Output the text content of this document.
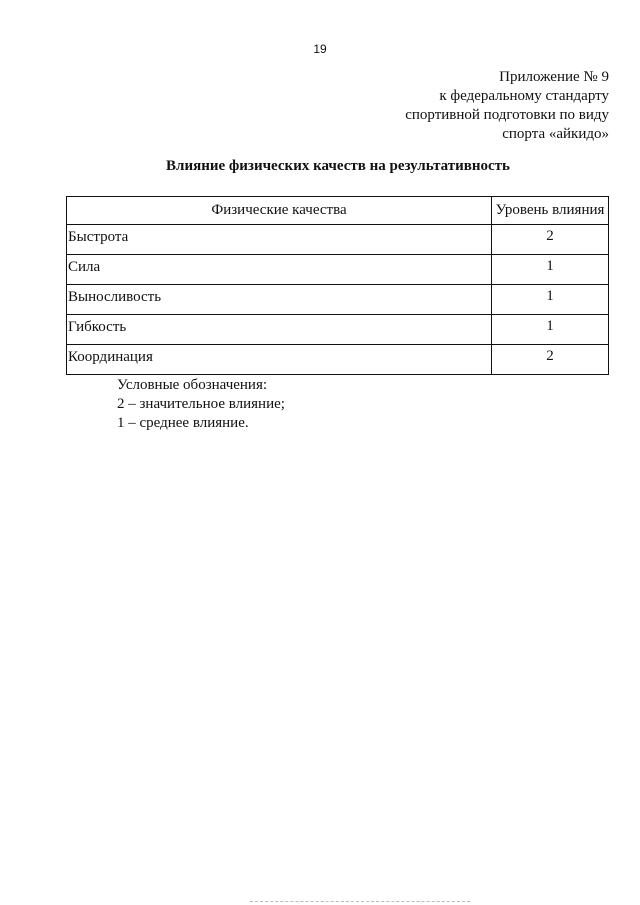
19
Приложение № 9
к федеральному стандарту
спортивной подготовки по виду
спорта «айкидо»
Влияние физических качеств на результативность
Физические качества	Уровень влияния
Быстрота	2
Сила	1
Выносливость	1
Гибкость	1
Координация	2
Условные обозначения:
2 – значительное влияние;
1 – среднее влияние.
